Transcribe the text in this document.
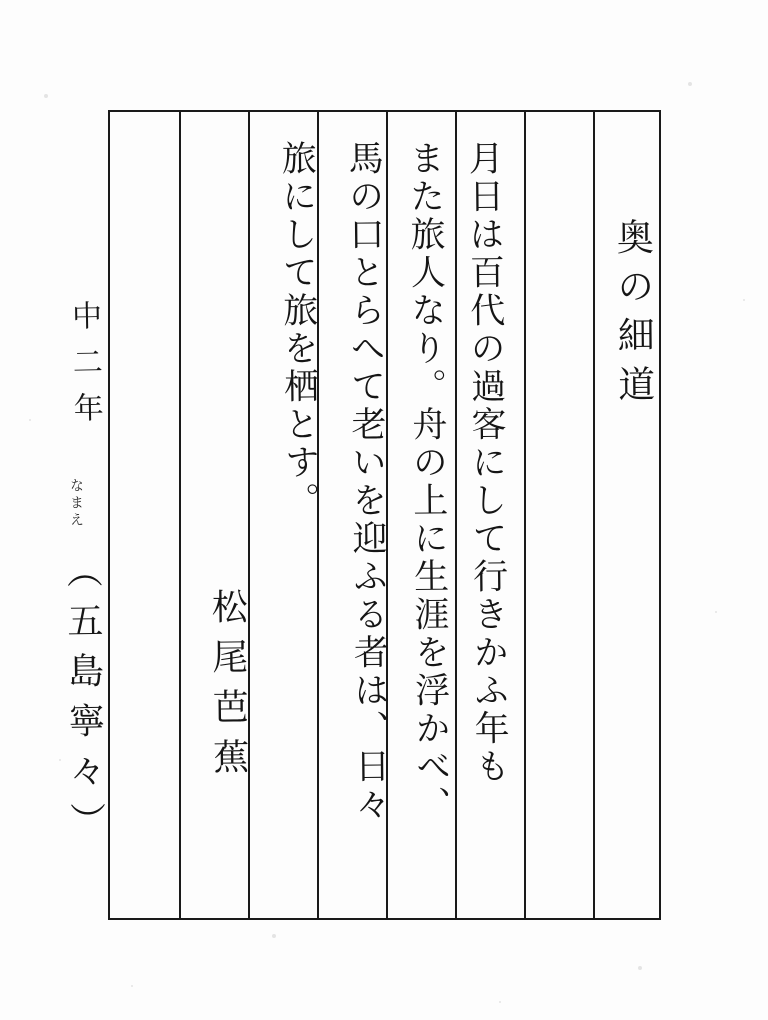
奥の細道
月日は百代の過客にして行きかふ年も
また旅人なり。舟の上に生涯を浮かべ、
馬の口とらへて老いを迎ふる者は、日々
旅にして旅を栖とす。
松尾芭蕉
中二年
なまえ
（五島寧々）
